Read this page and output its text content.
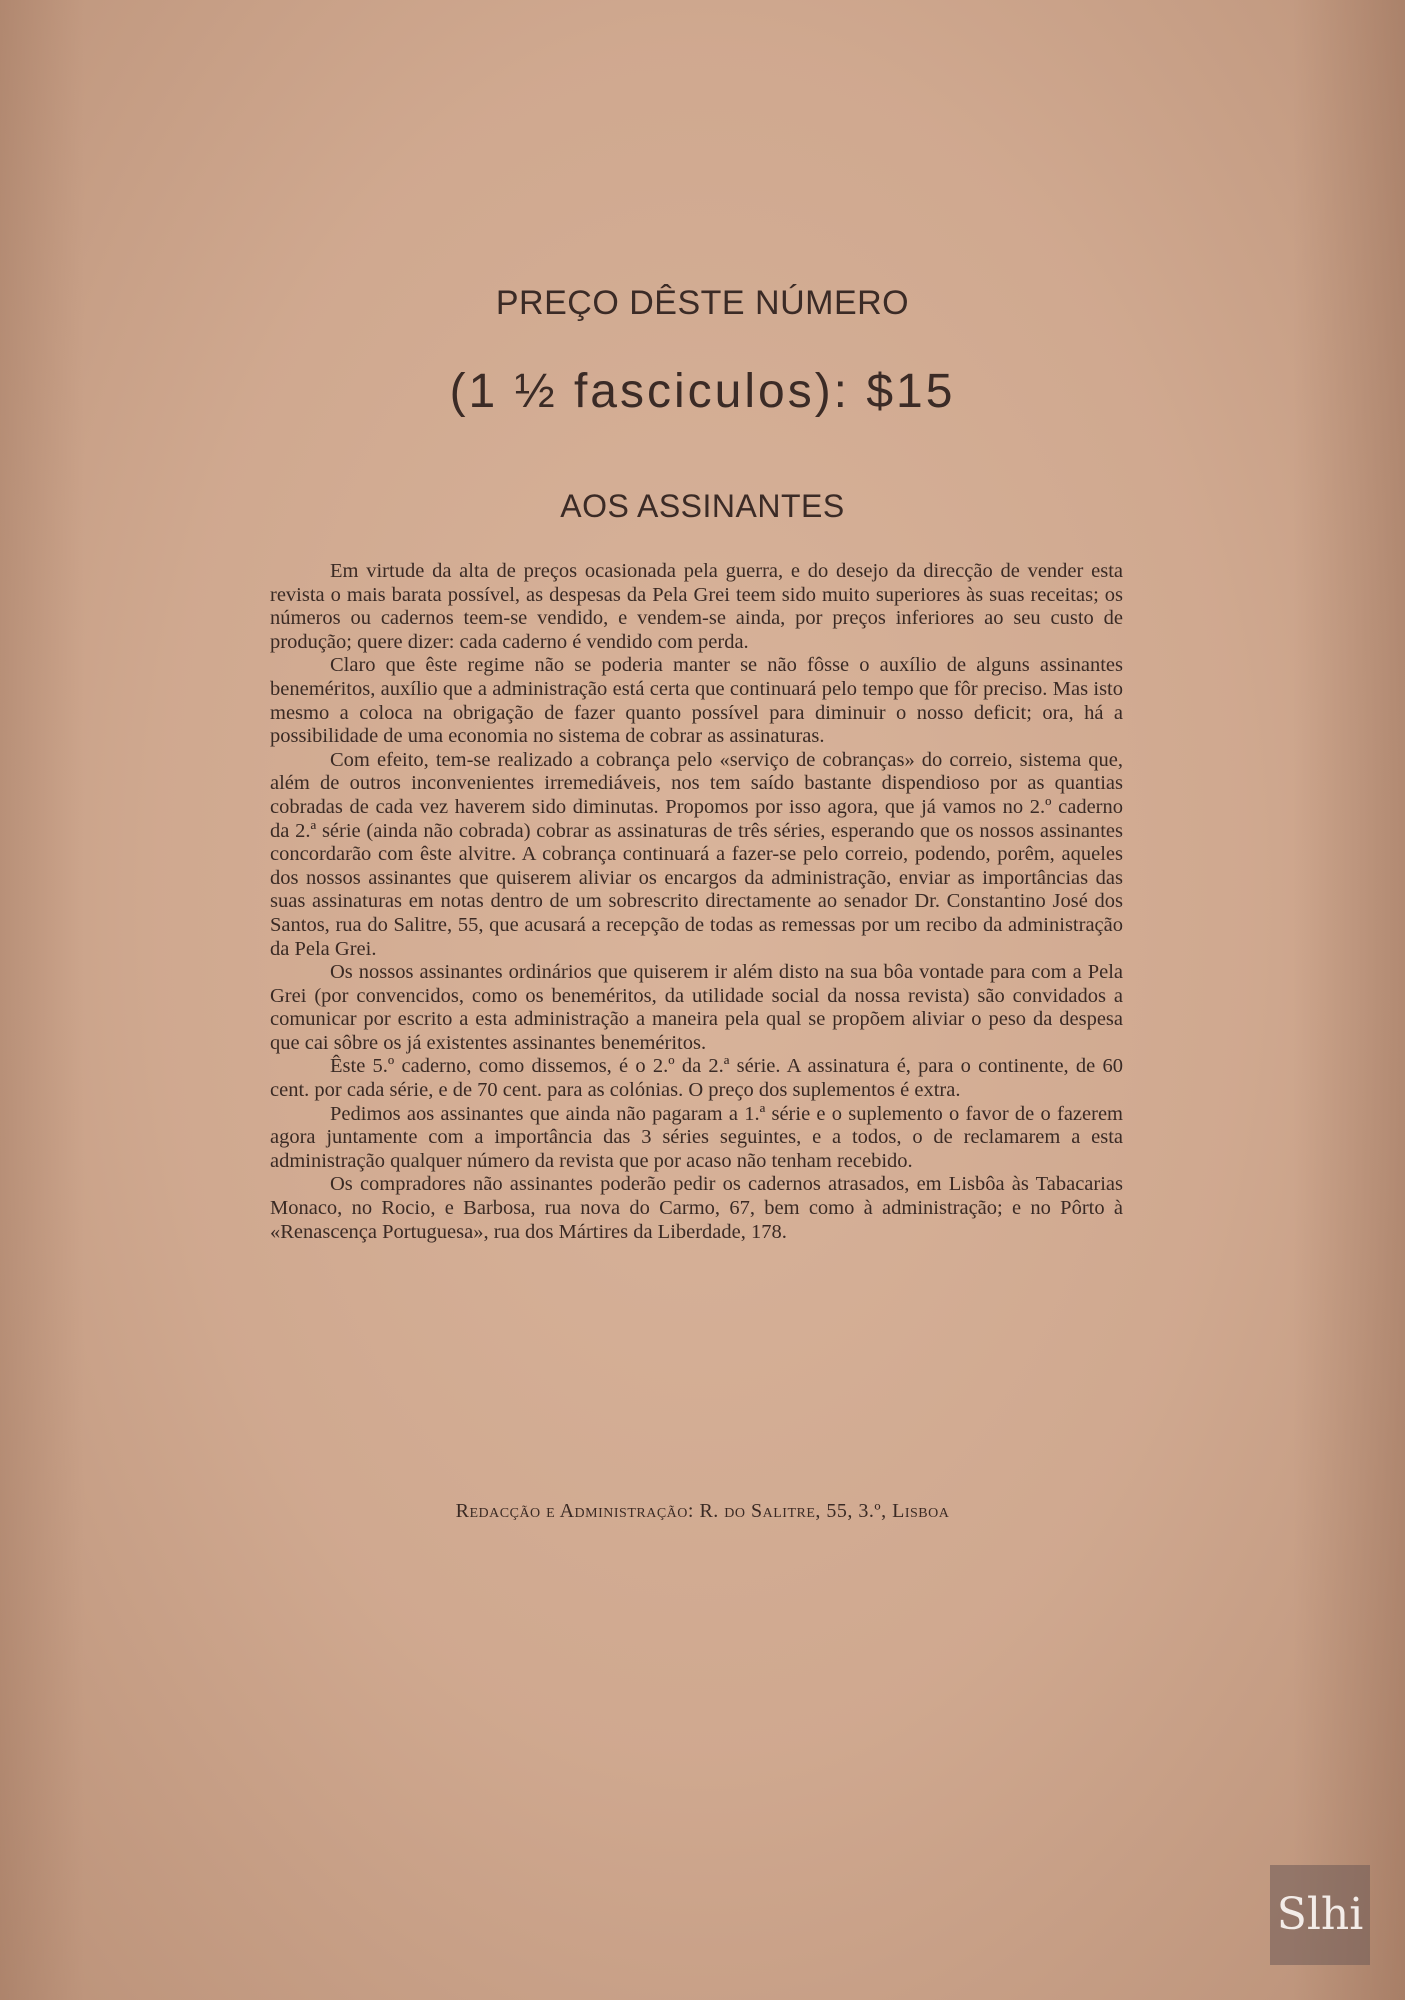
PREÇO DÊSTE NÚMERO
(1 ½ fasciculos): $15
AOS ASSINANTES

Em virtude da alta de preços ocasionada pela guerra, e do desejo da direcção de vender esta revista o mais barata possível, as despesas da Pela Grei teem sido muito superiores às suas receitas; os números ou cadernos teem-se vendido, e vendem-se ainda, por preços inferiores ao seu custo de produção; quere dizer: cada caderno é vendido com perda.

Claro que êste regime não se poderia manter se não fôsse o auxílio de alguns assinantes beneméritos, auxílio que a administração está certa que continuará pelo tempo que fôr preciso. Mas isto mesmo a coloca na obrigação de fazer quanto possível para diminuir o nosso deficit; ora, há a possibilidade de uma economia no sistema de cobrar as assinaturas.

Com efeito, tem-se realizado a cobrança pelo «serviço de cobranças» do correio, sistema que, além de outros inconvenientes irremediáveis, nos tem saído bastante dispendioso por as quantias cobradas de cada vez haverem sido diminutas. Propomos por isso agora, que já vamos no 2.º caderno da 2.ª série (ainda não cobrada) cobrar as assinaturas de três séries, esperando que os nossos assinantes concordarão com êste alvitre. A cobrança continuará a fazer-se pelo correio, podendo, porêm, aqueles dos nossos assinantes que quiserem aliviar os encargos da administração, enviar as importâncias das suas assinaturas em notas dentro de um sobrescrito directamente ao senador Dr. Constantino José dos Santos, rua do Salitre, 55, que acusará a recepção de todas as remessas por um recibo da administração da Pela Grei.

Os nossos assinantes ordinários que quiserem ir além disto na sua bôa vontade para com a Pela Grei (por convencidos, como os beneméritos, da utilidade social da nossa revista) são convidados a comunicar por escrito a esta administração a maneira pela qual se propõem aliviar o peso da despesa que cai sôbre os já existentes assinantes beneméritos.

Êste 5.º caderno, como dissemos, é o 2.º da 2.ª série. A assinatura é, para o continente, de 60 cent. por cada série, e de 70 cent. para as colónias. O preço dos suplementos é extra.

Pedimos aos assinantes que ainda não pagaram a 1.ª série e o suplemento o favor de o fazerem agora juntamente com a importância das 3 séries seguintes, e a todos, o de reclamarem a esta administração qualquer número da revista que por acaso não tenham recebido.

Os compradores não assinantes poderão pedir os cadernos atrasados, em Lisbôa às Tabacarias Monaco, no Rocio, e Barbosa, rua nova do Carmo, 67, bem como à administração; e no Pôrto à «Renascença Portuguesa», rua dos Mártires da Liberdade, 178.

Redacção e Administração: R. do Salitre, 55, 3.º, Lisboa
Slhi
